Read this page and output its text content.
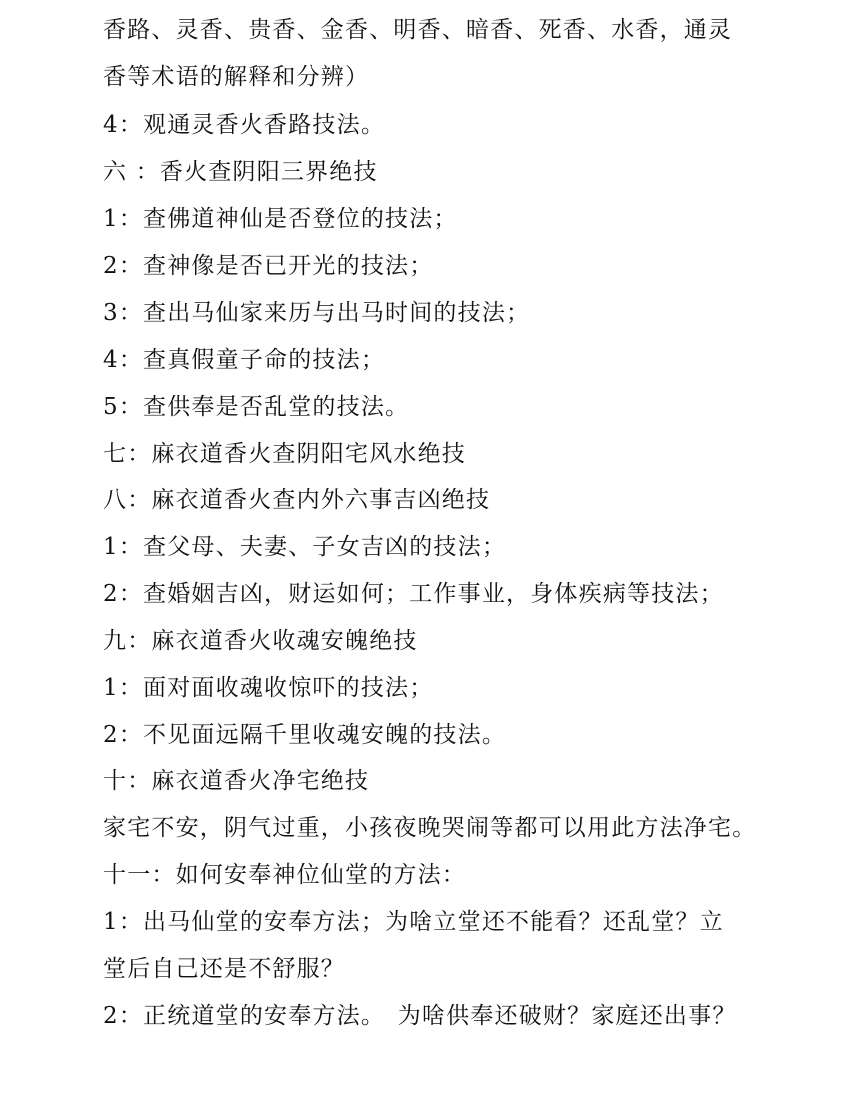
香路、灵香、贵香、金香、明香、暗香、死香、水香，通灵

香等术语的解释和分辨）

4：观通灵香火香路技法。

六 ：香火查阴阳三界绝技

1：查佛道神仙是否登位的技法；

2：查神像是否已开光的技法；

3：查出马仙家来历与出马时间的技法；

4：查真假童子命的技法；

5：查供奉是否乱堂的技法。

七：麻衣道香火查阴阳宅风水绝技

八：麻衣道香火查内外六事吉凶绝技

1：查父母、夫妻、子女吉凶的技法；

2：查婚姻吉凶，财运如何；工作事业，身体疾病等技法；

九：麻衣道香火收魂安魄绝技

1：面对面收魂收惊吓的技法；

2：不见面远隔千里收魂安魄的技法。

十：麻衣道香火净宅绝技

家宅不安，阴气过重，小孩夜晚哭闹等都可以用此方法净宅。

十一：如何安奉神位仙堂的方法：

1：出马仙堂的安奉方法；为啥立堂还不能看？还乱堂？立

堂后自己还是不舒服？

2：正统道堂的安奉方法。　为啥供奉还破财？家庭还出事？
